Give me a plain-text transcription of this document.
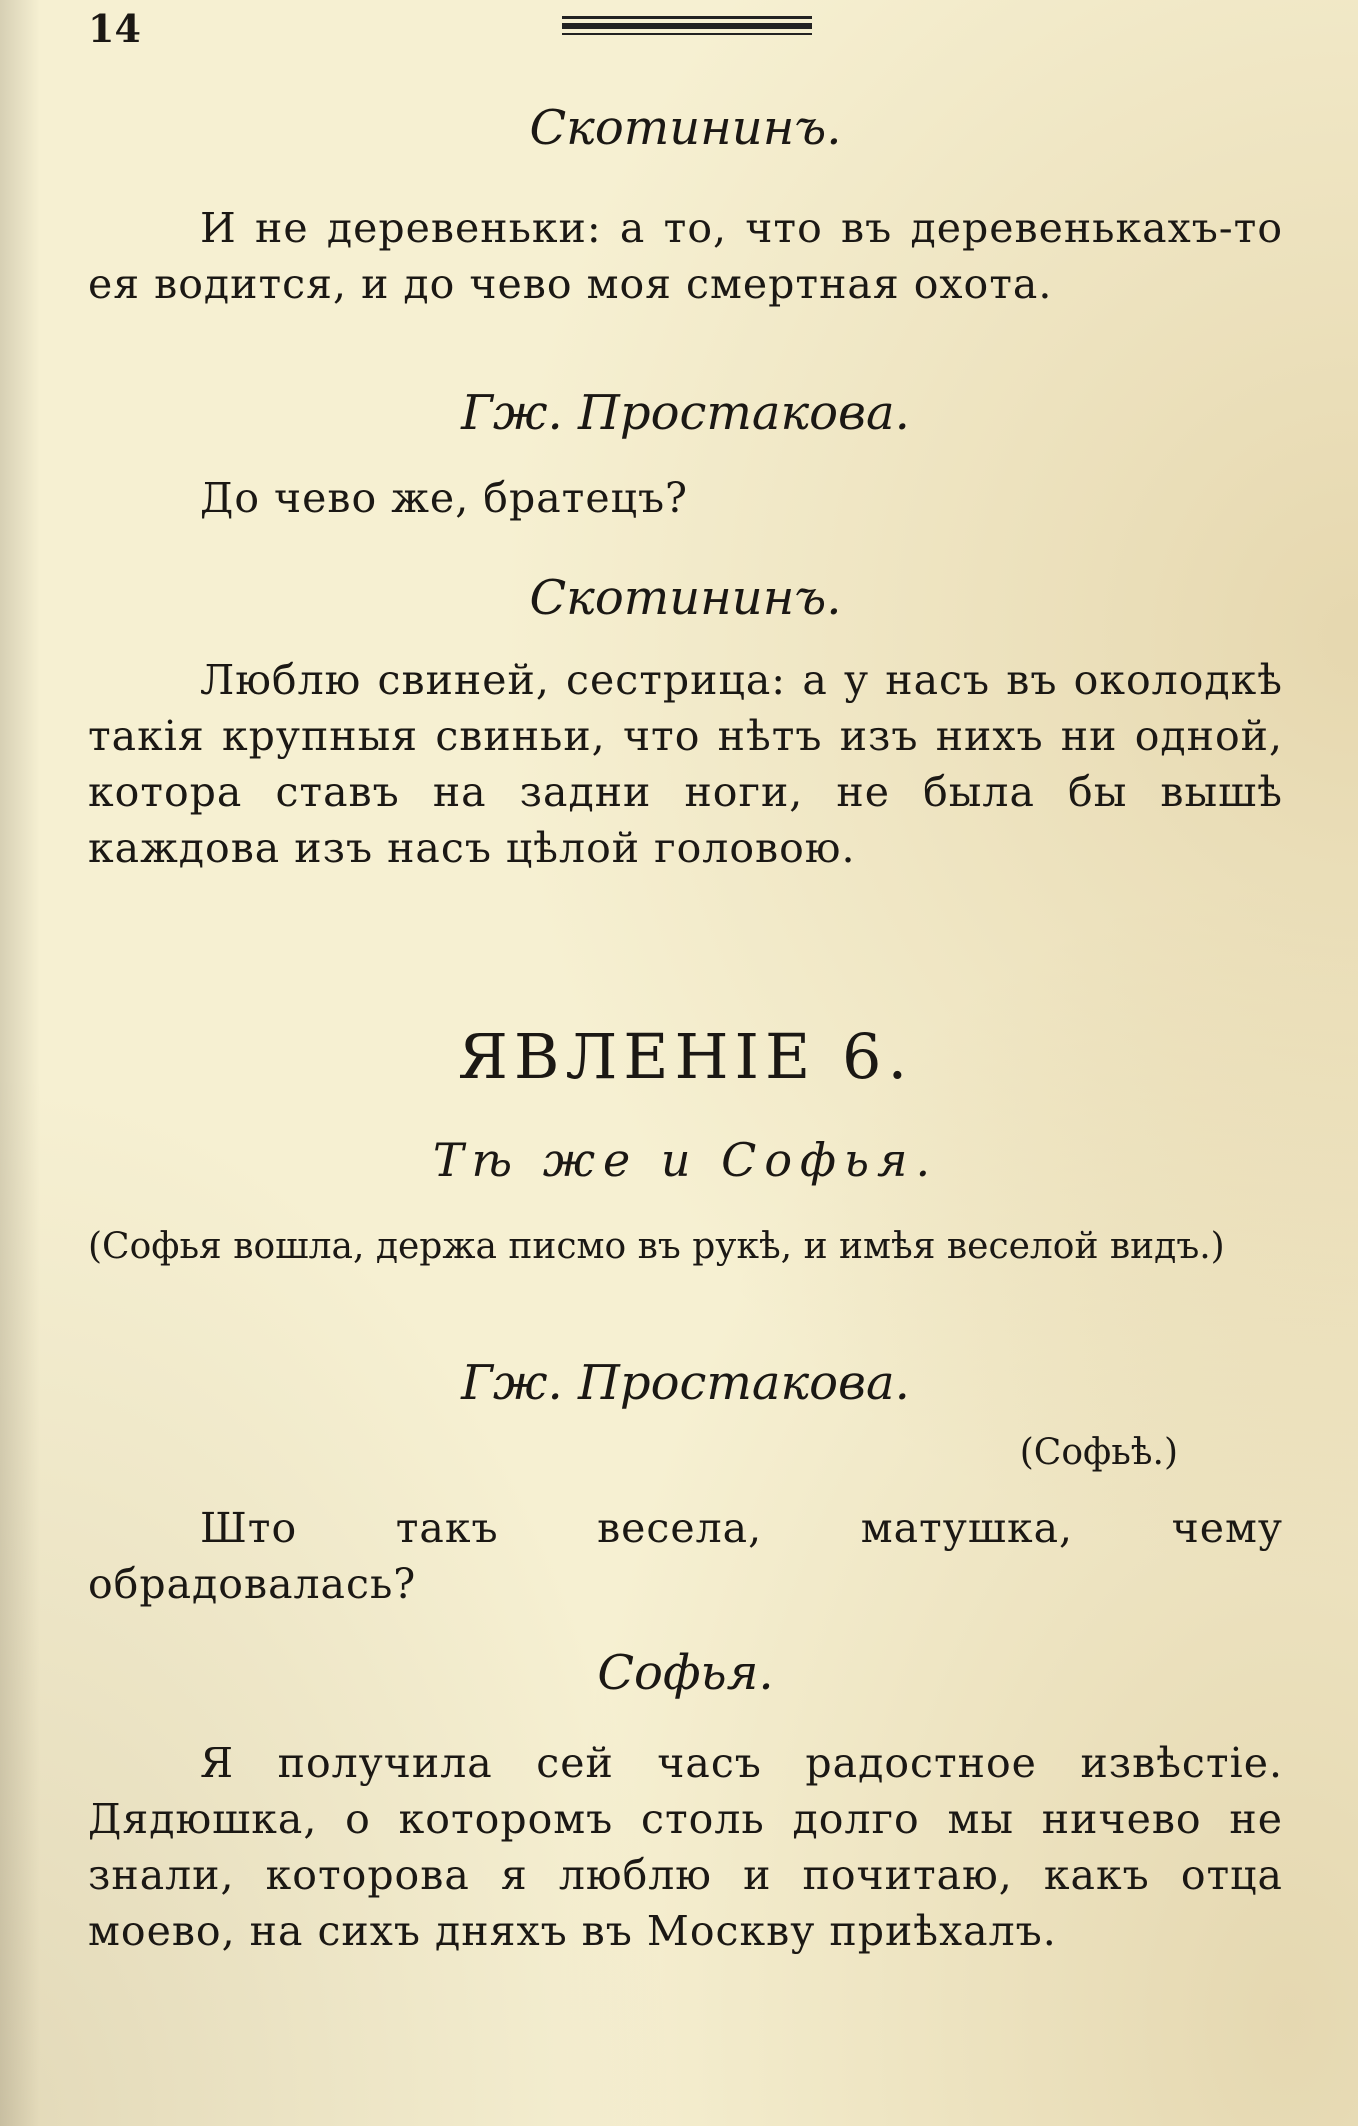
14
Скотининъ.
И не деревеньки: а то, что въ деревенькахъ-то ея водится, и до чево моя смертная охота.
Гж. Простакова.
До чево же, братецъ?
Скотининъ.
Люблю свиней, сестрица: а у насъ въ околодкѣ такія крупныя свиньи, что нѣтъ изъ нихъ ни одной, котора ставъ на задни ноги, не была бы вышѣ каждова изъ насъ цѣлой головою.
ЯВЛЕНIЕ 6.
Тѣ же и Софья.
(Софья вошла, держа писмо въ рукѣ, и имѣя веселой видъ.)
Гж. Простакова.
(Софьѣ.)
Што такъ весела, матушка, чему обрадовалась?
Софья.
Я получила сей часъ радостное извѣстiе. Дядюшка, о которомъ столь долго мы ничево не знали, которова я люблю и почитаю, какъ отца моево, на сихъ дняхъ въ Москву приѣхалъ.
